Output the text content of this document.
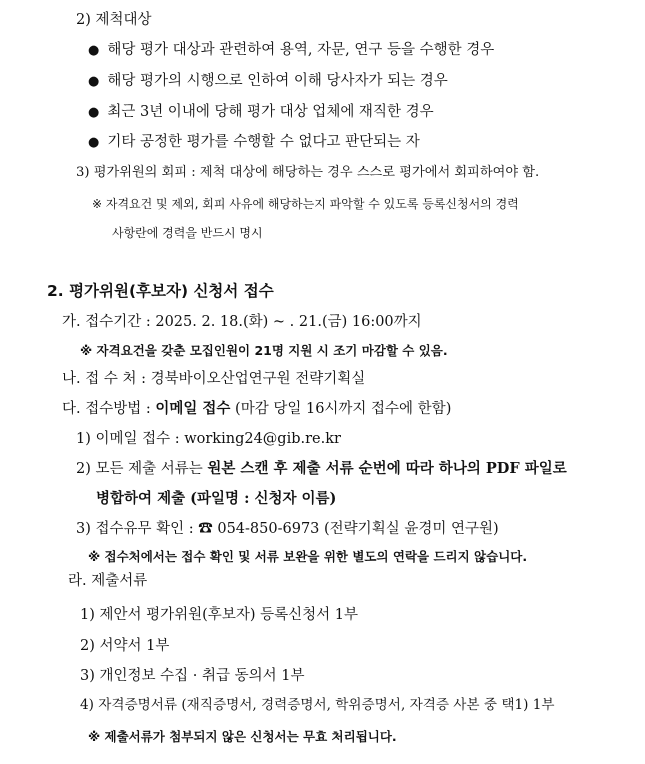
2) 제척대상
● 해당 평가 대상과 관련하여 용역, 자문, 연구 등을 수행한 경우
● 해당 평가의 시행으로 인하여 이해 당사자가 되는 경우
● 최근 3년 이내에 당해 평가 대상 업체에 재직한 경우
● 기타 공정한 평가를 수행할 수 없다고 판단되는 자
3) 평가위원의 회피 : 제척 대상에 해당하는 경우 스스로 평가에서 회피하여야 함.
※ 자격요건 및 제외, 회피 사유에 해당하는지 파악할 수 있도록 등록신청서의 경력
사항란에 경력을 반드시 명시
2. 평가위원(후보자) 신청서 접수
가. 접수기간 : 2025. 2. 18.(화) ~ . 21.(금) 16:00까지
※ 자격요건을 갖춘 모집인원이 21명 지원 시 조기 마감할 수 있음.
나. 접 수 처 : 경북바이오산업연구원 전략기획실
다. 접수방법 : 이메일 접수 (마감 당일 16시까지 접수에 한함)
1) 이메일 접수 : working24@gib.re.kr
2) 모든 제출 서류는 원본 스캔 후 제출 서류 순번에 따라 하나의 PDF 파일로
병합하여 제출 (파일명 : 신청자 이름)
3) 접수유무 확인 : ☎ 054-850-6973 (전략기획실 윤경미 연구원)
※ 접수처에서는 접수 확인 및 서류 보완을 위한 별도의 연락을 드리지 않습니다.
라. 제출서류
1) 제안서 평가위원(후보자) 등록신청서 1부
2) 서약서 1부
3) 개인정보 수집 · 취급 동의서 1부
4) 자격증명서류 (재직증명서, 경력증명서, 학위증명서, 자격증 사본 중 택1) 1부
※ 제출서류가 첨부되지 않은 신청서는 무효 처리됩니다.
